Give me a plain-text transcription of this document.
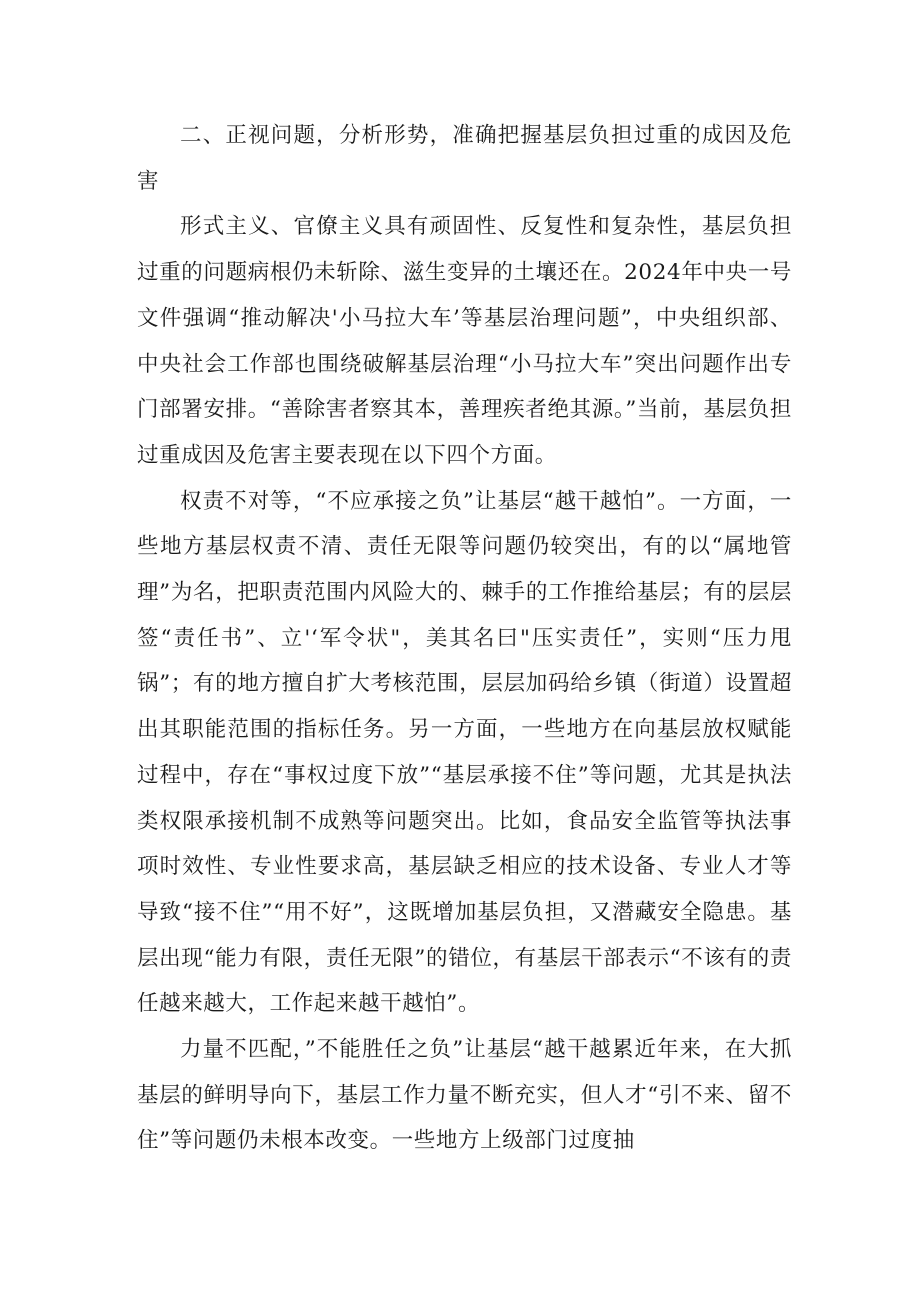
二、正视问题，分析形势，准确把握基层负担过重的成因及危害

形式主义、官僚主义具有顽固性、反复性和复杂性，基层负担过重的问题病根仍未斩除、滋生变异的土壤还在。2024年中央一号文件强调“推动解决'小马拉大车’等基层治理问题”，中央组织部、中央社会工作部也围绕破解基层治理“小马拉大车”突出问题作出专门部署安排。“善除害者察其本，善理疾者绝其源。”当前，基层负担过重成因及危害主要表现在以下四个方面。

权责不对等，“不应承接之负”让基层“越干越怕”。一方面，一些地方基层权责不清、责任无限等问题仍较突出，有的以“属地管理”为名，把职责范围内风险大的、棘手的工作推给基层；有的层层签“责任书”、立'‘军令状"，美其名曰"压实责任”，实则“压力甩锅”；有的地方擅自扩大考核范围，层层加码给乡镇（街道）设置超出其职能范围的指标任务。另一方面，一些地方在向基层放权赋能过程中，存在“事权过度下放”“基层承接不住”等问题，尤其是执法类权限承接机制不成熟等问题突出。比如，食品安全监管等执法事项时效性、专业性要求高，基层缺乏相应的技术设备、专业人才等导致“接不住”“用不好”，这既增加基层负担，又潜藏安全隐患。基层出现“能力有限，责任无限”的错位，有基层干部表示“不该有的责任越来越大，工作起来越干越怕”。

力量不匹配，”不能胜任之负”让基层“越干越累近年来，在大抓基层的鲜明导向下，基层工作力量不断充实，但人才“引不来、留不住”等问题仍未根本改变。一些地方上级部门过度抽
